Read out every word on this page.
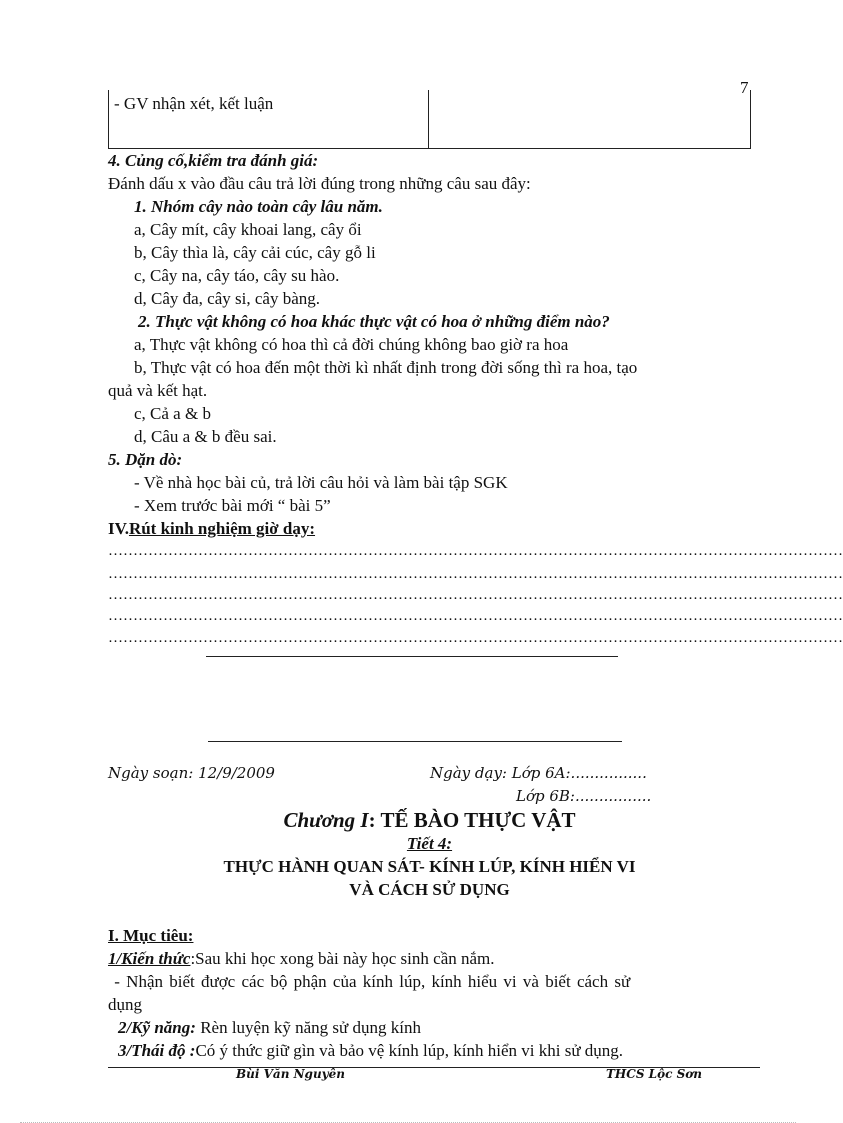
7
- GV nhận xét, kết luận
4. Củng cố,kiểm tra đánh giá:
Đánh dấu x vào đầu câu trả lời đúng trong những câu sau đây:
1. Nhóm cây nào toàn cây lâu năm.
a, Cây mít, cây khoai lang, cây ổi
b, Cây thìa là, cây cải cúc, cây gỗ li
c, Cây na, cây táo, cây su hào.
d, Cây đa, cây si, cây bàng.
2. Thực vật không có hoa khác thực vật có hoa ở những điểm nào?
a, Thực vật không có hoa thì cả đời chúng không bao giờ ra hoa
b, Thực vật có hoa đến một thời kì nhất định trong đời sống thì ra hoa, tạo
quả và kết hạt.
c, Cả a & b
d, Câu a & b đều sai.
5. Dặn dò:
- Về nhà học bài củ, trả lời câu hỏi và làm bài tập SGK
- Xem trước bài mới “ bài 5”
IV.Rút kinh nghiệm giờ dạy:
…………………………………………………………………………………………………………………………………
…………………………………………………………………………………………………………………………………
…………………………………………………………………………………………………………………………………
…………………………………………………………………………………………………………………………………
…………………………………………………………………………………………………………………………………
Ngày soạn: 12/9/2009	Ngày dạy: Lớp 6A:................
Lớp 6B:................
Chương I: TẾ BÀO THỰC VẬT
Tiết 4:
THỰC HÀNH QUAN SÁT- KÍNH LÚP, KÍNH HIỂN VI
VÀ CÁCH SỬ DỤNG
I. Mục tiêu:
1/Kiến thức:Sau khi học xong bài này học sinh cần nắm.
- Nhận biết được các bộ phận của kính lúp, kính hiểu vi và biết cách sử
dụng
2/Kỹ năng: Rèn luyện kỹ năng sử dụng kính
3/Thái độ :Có ý thức giữ gìn và bảo vệ kính lúp, kính hiển vi khi sử dụng.
Bùi Văn Nguyên	THCS Lộc Sơn
